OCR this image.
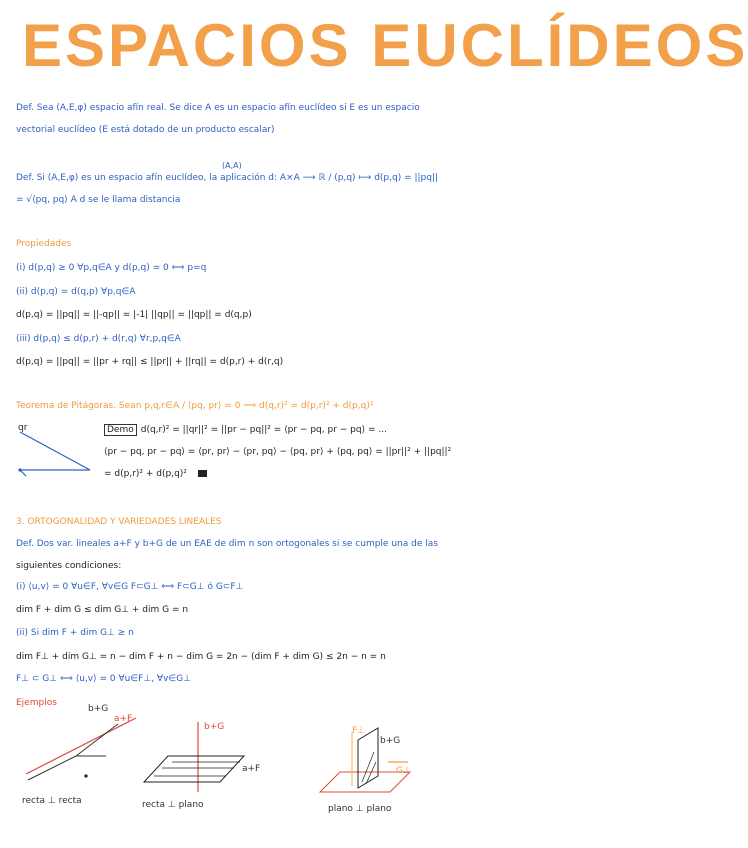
ESPACIOS EUCLÍDEOS
Def. Sea (A,E,φ) espacio afín real. Se dice A es un espacio afín euclídeo si E es un espacio
vectorial euclídeo (E está dotado de un producto escalar)
(A,A)
Def. Si (A,E,φ) es un espacio afín euclídeo, la aplicación d: A×A ⟶ ℝ / (p,q) ⟼ d(p,q) = ||pq||
= √⟨pq, pq⟩ A d se le llama distancia
Propiedades
(i) d(p,q) ≥ 0 ∀p,q∈A y d(p,q) = 0 ⟺ p=q
(ii) d(p,q) = d(q,p) ∀p,q∈A
d(p,q) = ||pq|| = ||-qp|| = |-1| ||qp|| = ||qp|| = d(q,p)
(iii) d(p,q) ≤ d(p,r) + d(r,q) ∀r,p,q∈A
d(p,q) = ||pq|| = ||pr + rq|| ≤ ||pr|| + ||rq|| = d(p,r) + d(r,q)
Teorema de Pitágoras. Sean p,q,r∈A / ⟨pq, pr⟩ = 0 ⟹ d(q,r)² = d(p,r)² + d(p,q)²
qr	Demo d(q,r)² = ||qr||² = ||pr − pq||² = ⟨pr − pq, pr − pq⟩ = ...
⟨pr − pq, pr − pq⟩ = ⟨pr, pr⟩ − ⟨pr, pq⟩ − ⟨pq, pr⟩ + ⟨pq, pq⟩ = ||pr||² + ||pq||²
= d(p,r)² + d(p,q)²
3. ORTOGONALIDAD Y VARIEDADES LINEALES
Def. Dos var. lineales a+F y b+G de un EAE de dim n son ortogonales si se cumple una de las
siguientes condiciones:
(i) ⟨u,v⟩ = 0 ∀u∈F, ∀v∈G F⊂G⊥ ⟺ F⊂G⊥ ó G⊂F⊥
dim F + dim G ≤ dim G⊥ + dim G = n
(ii) Si dim F + dim G⊥ ≥ n
dim F⊥ + dim G⊥ = n − dim F + n − dim G = 2n − (dim F + dim G) ≤ 2n − n = n
F⊥ ⊂ G⊥ ⟺ ⟨u,v⟩ = 0 ∀u∈F⊥, ∀v∈G⊥
Ejemplos
b+G
a+F
recta ⊥ recta
b+G
a+F
recta ⊥ plano
F⊥
b+G
G⊥
plano ⊥ plano
